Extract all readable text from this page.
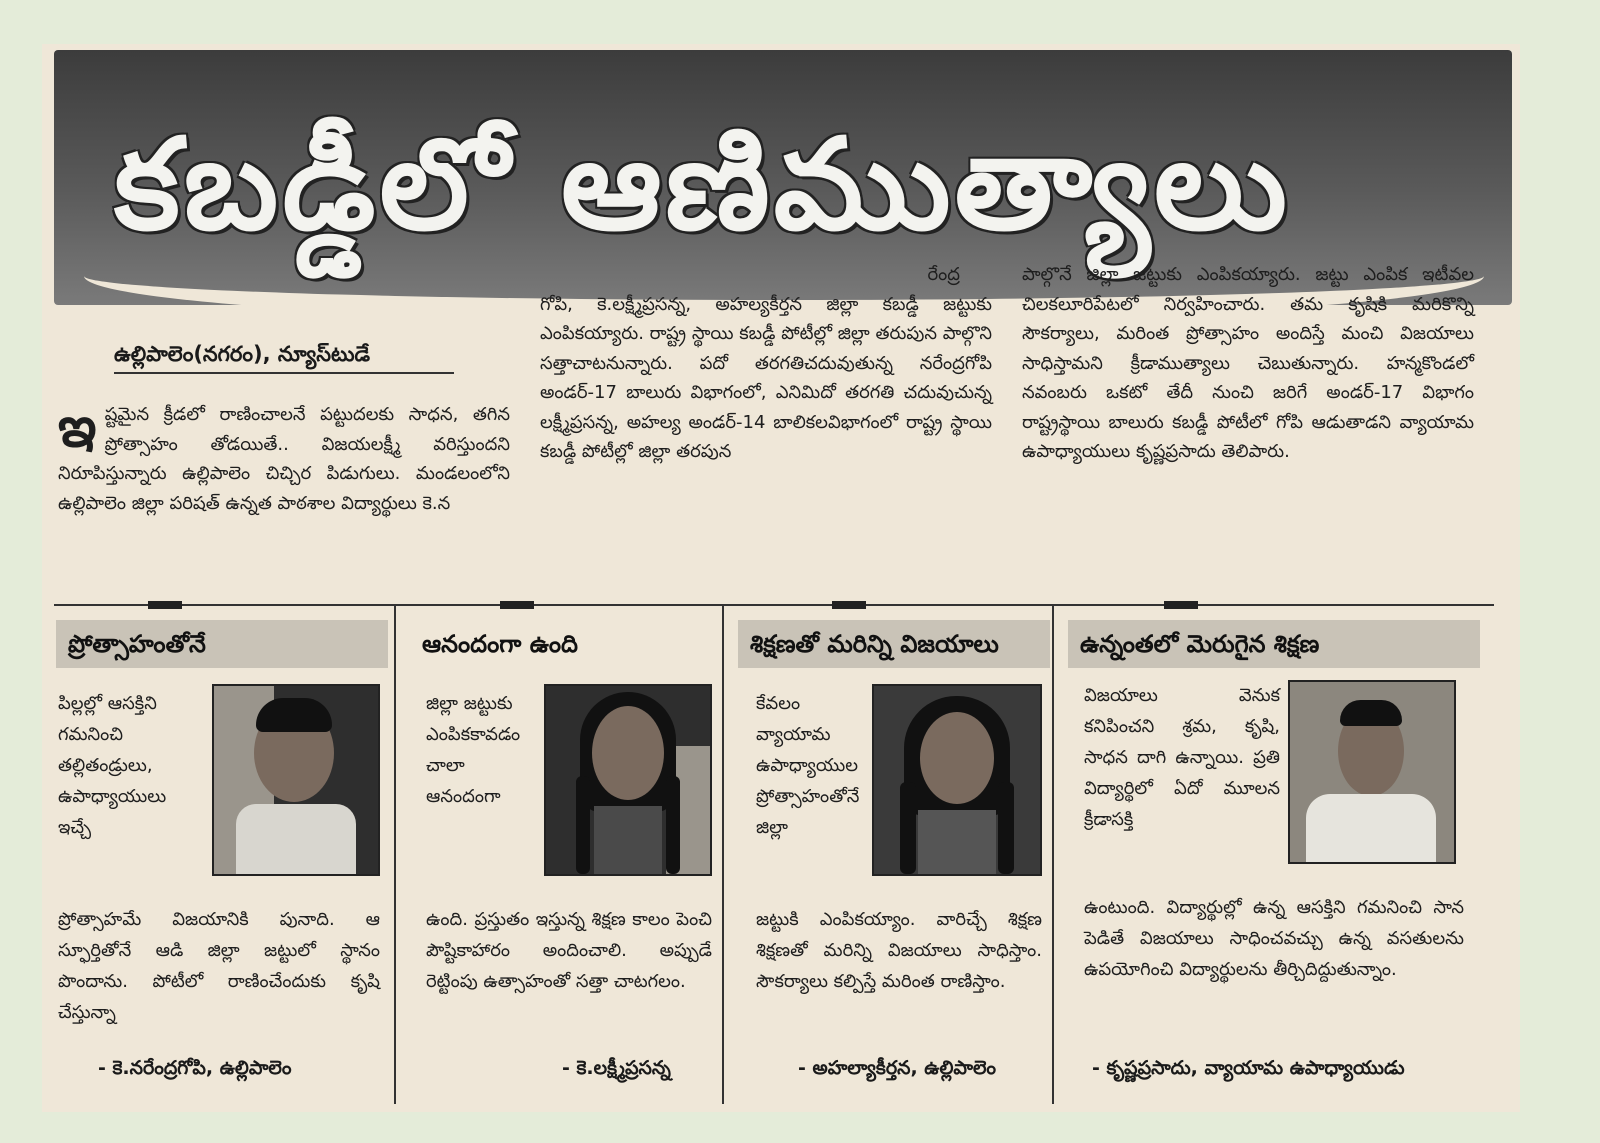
కబడ్డీలో ఆణిముత్యాలు
ఉల్లిపాలెం(నగరం), న్యూస్‌టుడే
ఇ ష్టమైన క్రీడలో రాణించాలనే పట్టుదలకు సాధన, తగిన ప్రోత్సాహం తోడయితే.. విజయలక్ష్మీ వరిస్తుందని నిరూపిస్తున్నారు ఉల్లిపాలెం చిచ్చిర పిడుగులు. మండలంలోని ఉల్లిపాలెం జిల్లా పరిషత్ ఉన్నత పాఠశాల విద్యార్థులు కె.న

రేంద్ర

గోపి, కె.లక్ష్మీప్రసన్న, అహల్యకీర్తన జిల్లా కబడ్డీ జట్టుకు ఎంపికయ్యారు. రాష్ట్ర స్థాయి కబడ్డీ పోటీల్లో జిల్లా తరుపున పాల్గొని సత్తాచాటనున్నారు. పదో తరగతిచదువుతున్న నరేంద్రగోపి అండర్-17 బాలురు విభాగంలో, ఎనిమిదో తరగతి చదువుచున్న లక్ష్మీప్రసన్న, అహల్య అండర్-14 బాలికలవిభాగంలో రాష్ట్ర స్థాయి కబడ్డీ పోటీల్లో జిల్లా తరపున

పాల్గొనే జిల్లా జట్టుకు ఎంపికయ్యారు. జట్టు ఎంపిక ఇటీవల చిలకలూరిపేటలో నిర్వహించారు. తమ కృషికి మరికొన్ని సౌకర్యాలు, మరింత ప్రోత్సాహం అందిస్తే మంచి విజయాలు సాధిస్తామని క్రీడాముత్యాలు చెబుతున్నారు. హన్మకొండలో నవంబరు ఒకటో తేదీ నుంచి జరిగే అండర్-17 విభాగం రాష్ట్రస్థాయి బాలురు కబడ్డీ పోటీలో గోపి ఆడుతాడని వ్యాయామ ఉపాధ్యాయులు కృష్ణప్రసాదు తెలిపారు.

ప్రోత్సాహంతోనే
పిల్లల్లో ఆసక్తిని గమనించి తల్లితండ్రులు, ఉపాధ్యాయులు ఇచ్చే
ప్రోత్సాహమే విజయానికి పునాది. ఆ స్ఫూర్తితోనే ఆడి జిల్లా జట్టులో స్థానం పొందాను. పోటీలో రాణించేందుకు కృషి చేస్తున్నా
- కె.నరేంద్రగోపి, ఉల్లిపాలెం
ఆనందంగా ఉంది
జిల్లా జట్టుకు ఎంపికకావడం చాలా ఆనందంగా
ఉంది. ప్రస్తుతం ఇస్తున్న శిక్షణ కాలం పెంచి పౌష్టికాహారం అందించాలి. అప్పుడే రెట్టింపు ఉత్సాహంతో సత్తా చాటగలం.
- కె.లక్ష్మీప్రసన్న
శిక్షణతో మరిన్ని విజయాలు
కేవలం వ్యాయామ ఉపాధ్యాయుల ప్రోత్సాహంతోనే జిల్లా
జట్టుకి ఎంపికయ్యాం. వారిచ్చే శిక్షణ శిక్షణతో మరిన్ని విజయాలు సాధిస్తాం. సౌకర్యాలు కల్పిస్తే మరింత రాణిస్తాం.
- అహల్యాకీర్తన, ఉల్లిపాలెం
ఉన్నంతలో మెరుగైన శిక్షణ
విజయాలు వెనుక కనిపించని శ్రమ, కృషి, సాధన దాగి ఉన్నాయి. ప్రతి విద్యార్థిలో ఏదో మూలన క్రీడాసక్తి
ఉంటుంది. విద్యార్థుల్లో ఉన్న ఆసక్తిని గమనించి సాన పెడితే విజయాలు సాధించవచ్చు ఉన్న వసతులను ఉపయోగించి విద్యార్థులను తీర్చిదిద్దుతున్నాం.
- కృష్ణప్రసాదు, వ్యాయామ ఉపాధ్యాయుడు
